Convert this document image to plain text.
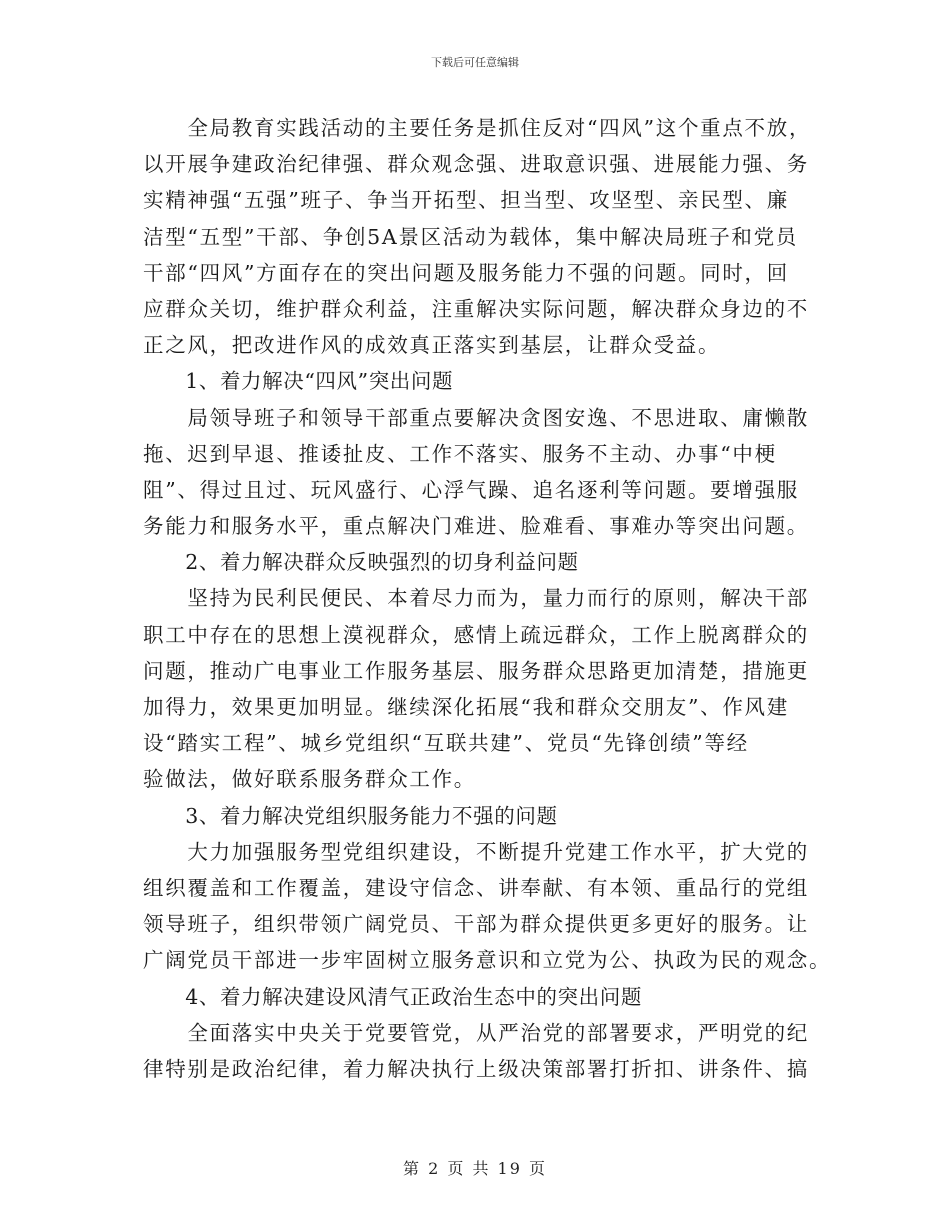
下载后可任意编辑
　　全局教育实践活动的主要任务是抓住反对“四风”这个重点不放，
以开展争建政治纪律强、群众观念强、进取意识强、进展能力强、务
实精神强“五强”班子、争当开拓型、担当型、攻坚型、亲民型、廉
洁型“五型”干部、争创5A景区活动为载体，集中解决局班子和党员
干部“四风”方面存在的突出问题及服务能力不强的问题。同时，回
应群众关切，维护群众利益，注重解决实际问题，解决群众身边的不
正之风，把改进作风的成效真正落实到基层，让群众受益。
　　1、着力解决“四风”突出问题
　　局领导班子和领导干部重点要解决贪图安逸、不思进取、庸懒散
拖、迟到早退、推诿扯皮、工作不落实、服务不主动、办事“中梗
阻”、得过且过、玩风盛行、心浮气躁、追名逐利等问题。要增强服
务能力和服务水平，重点解决门难进、脸难看、事难办等突出问题。
　　2、着力解决群众反映强烈的切身利益问题
　　坚持为民利民便民、本着尽力而为，量力而行的原则，解决干部
职工中存在的思想上漠视群众，感情上疏远群众，工作上脱离群众的
问题，推动广电事业工作服务基层、服务群众思路更加清楚，措施更
加得力，效果更加明显。继续深化拓展“我和群众交朋友”、作风建
设“踏实工程”、城乡党组织“互联共建”、党员“先锋创绩”等经
验做法，做好联系服务群众工作。
　　3、着力解决党组织服务能力不强的问题
　　大力加强服务型党组织建设，不断提升党建工作水平，扩大党的
组织覆盖和工作覆盖，建设守信念、讲奉献、有本领、重品行的党组
领导班子，组织带领广阔党员、干部为群众提供更多更好的服务。让
广阔党员干部进一步牢固树立服务意识和立党为公、执政为民的观念。
　　4、着力解决建设风清气正政治生态中的突出问题
　　全面落实中央关于党要管党，从严治党的部署要求，严明党的纪
律特别是政治纪律，着力解决执行上级决策部署打折扣、讲条件、搞
第 2 页 共 19 页
